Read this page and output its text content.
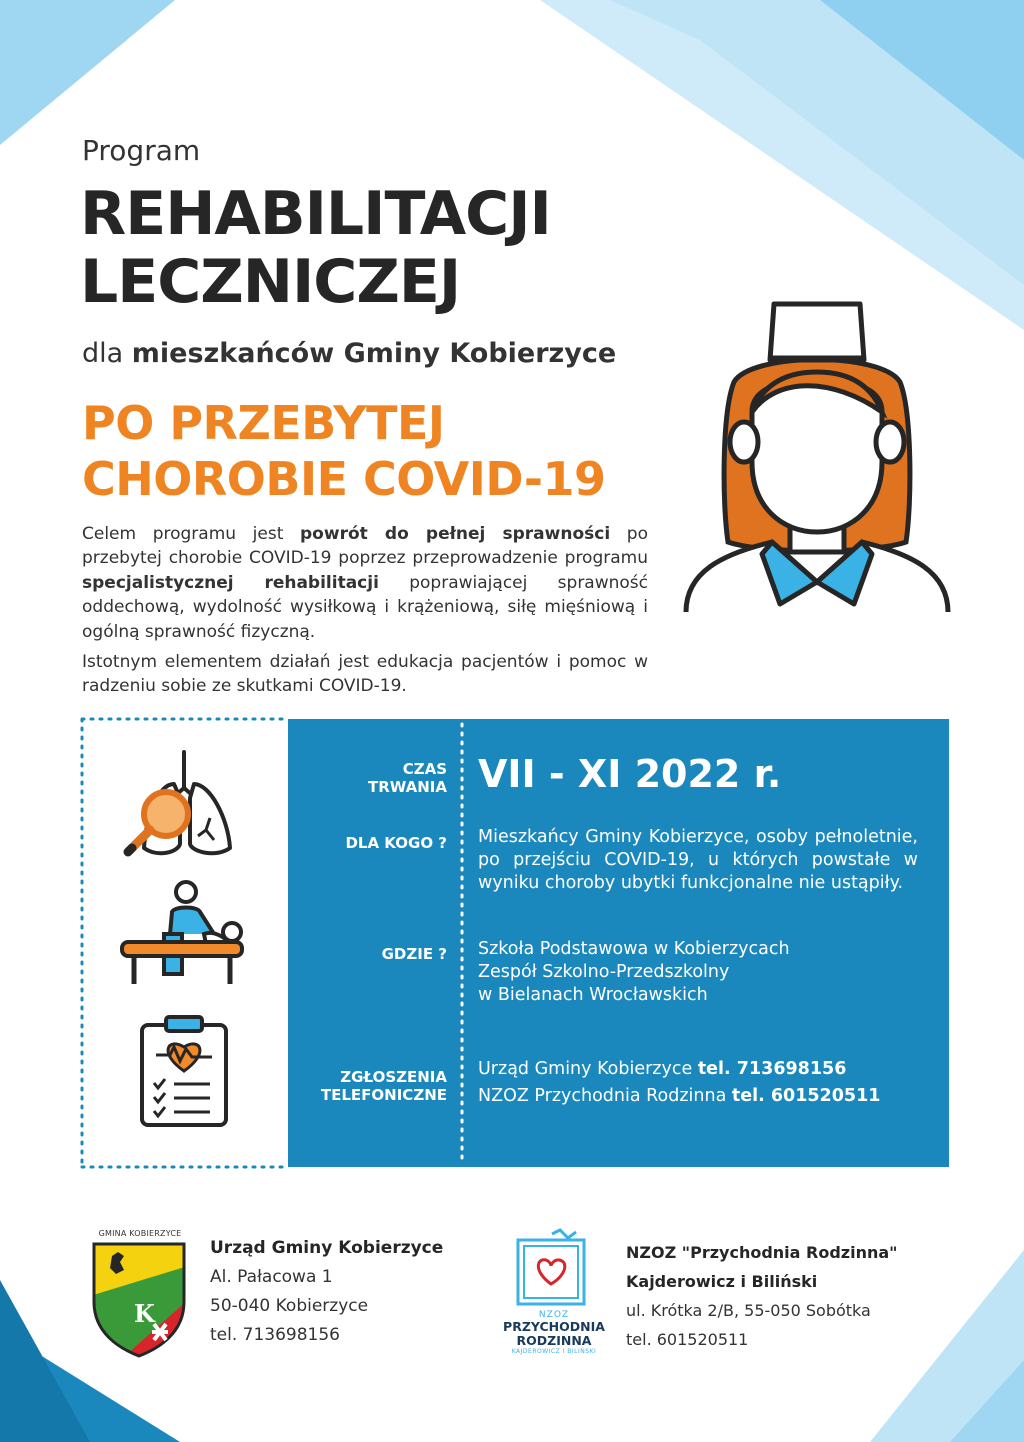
Program
REHABILITACJI
LECZNICZEJ
dla mieszkańców Gminy Kobierzyce
PO PRZEBYTEJ
CHOROBIE COVID-19

Celem programu jest powrót do pełnej sprawności po przebytej chorobie COVID-19 poprzez przeprowadzenie programu specjalistycznej rehabilitacji poprawiającej sprawność oddechową, wydolność wysiłkową i krążeniową, siłę mięśniową i ogólną sprawność fizyczną.

Istotnym elementem działań jest edukacja pacjentów i pomoc w radzeniu sobie ze skutkami COVID-19.

CZAS
TRWANIA VII - XI 2022 r.
DLA KOGO ? Mieszkańcy Gminy Kobierzyce, osoby pełnoletnie, po przejściu COVID-19, u których powstałe w wyniku choroby ubytki funkcjonalne nie ustąpiły.
GDZIE ? Szkoła Podstawowa w Kobierzycach
Zespół Szkolno-Przedszkolny
w Bielanach Wrocławskich
ZGŁOSZENIA
TELEFONICZNE
Urząd Gminy Kobierzyce tel. 713698156
NZOZ Przychodnia Rodzinna tel. 601520511
GMINA KOBIERZYCE
K
Urząd Gminy Kobierzyce
Al. Pałacowa 1
50-040 Kobierzyce
tel. 713698156
NZOZ
PRZYCHODNIA
RODZINNA
KAJDEROWICZ I BILIŃSKI
NZOZ "Przychodnia Rodzinna"
Kajderowicz i Biliński
ul. Krótka 2/B, 55-050 Sobótka
tel. 601520511
